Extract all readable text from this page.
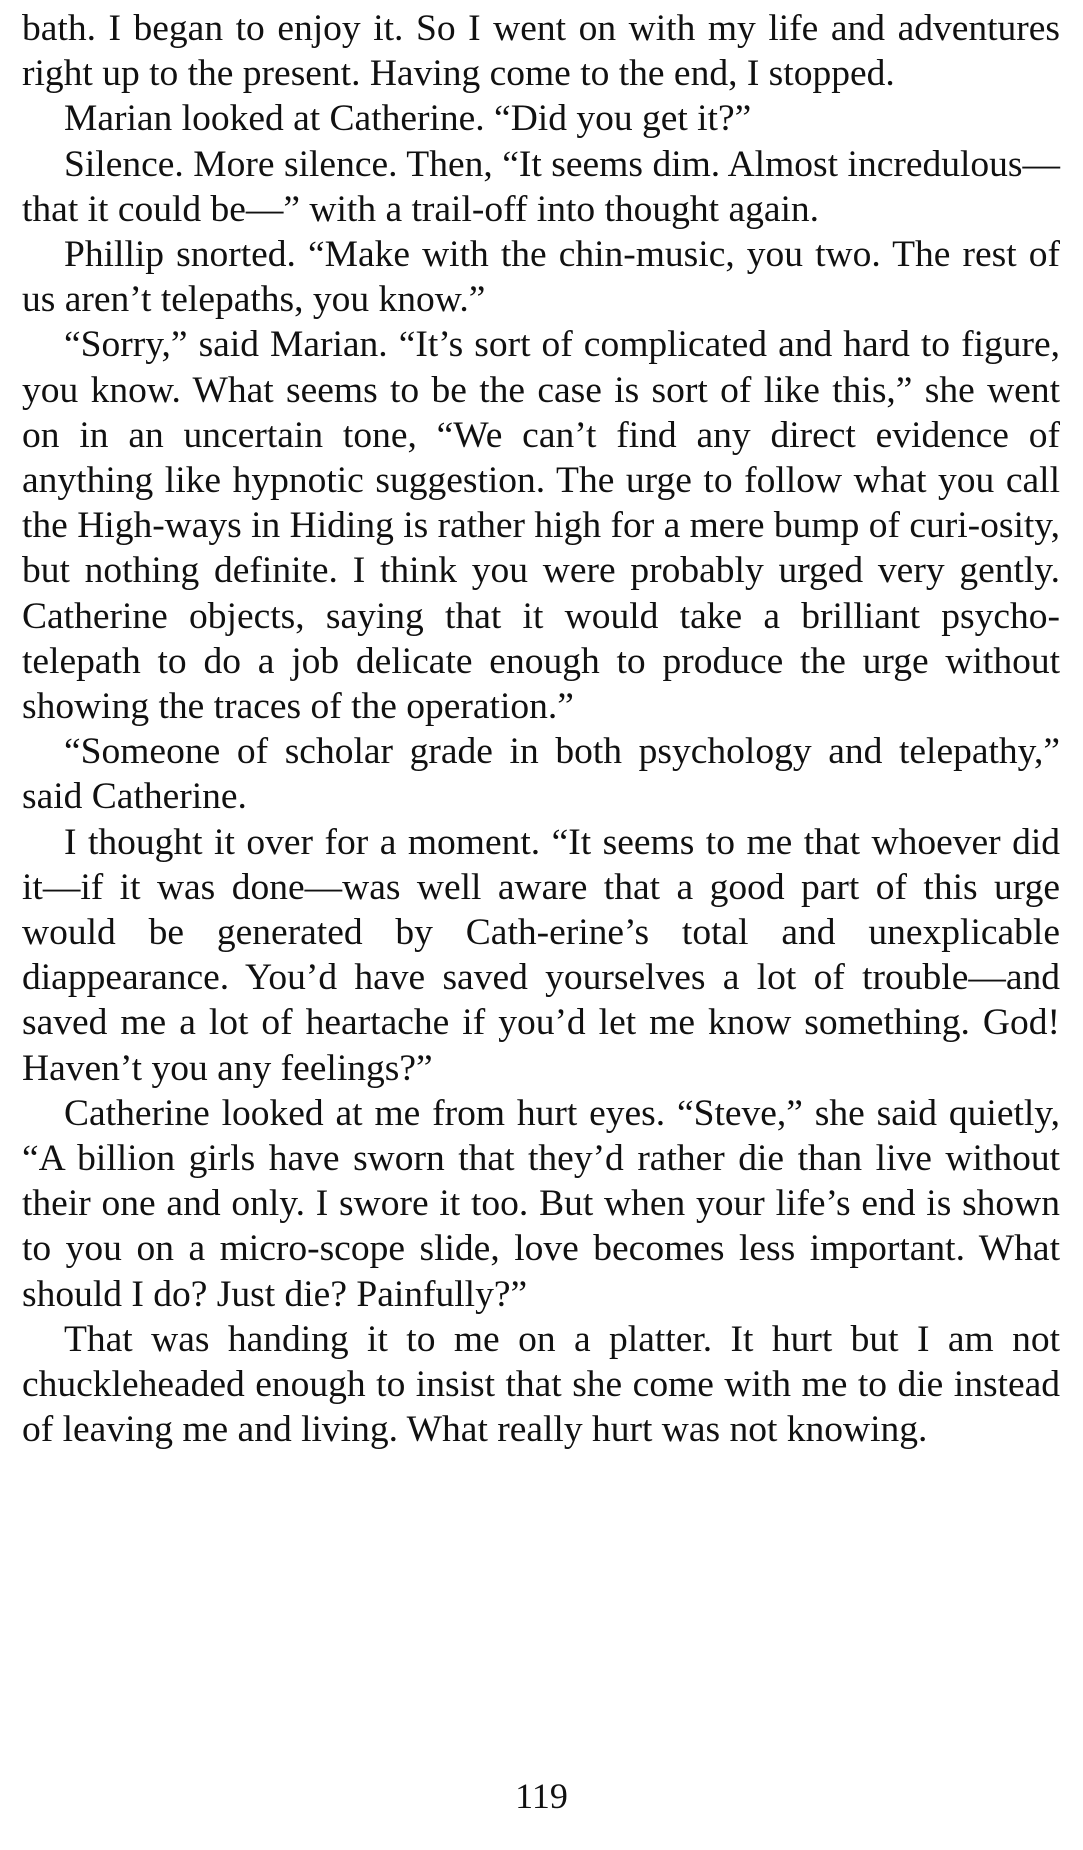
bath. I began to enjoy it. So I went on with my life and adventures right up to the present. Having come to the end, I stopped.

Marian looked at Catherine. “Did you get it?”

Silence. More silence. Then, “It seems dim. Almost incredulous—that it could be—” with a trail-off into thought again.

Phillip snorted. “Make with the chin-music, you two. The rest of us aren’t telepaths, you know.”

“Sorry,” said Marian. “It’s sort of complicated and hard to figure, you know. What seems to be the case is sort of like this,” she went on in an uncertain tone, “We can’t find any direct evidence of anything like hypnotic suggestion. The urge to follow what you call the High-ways in Hiding is rather high for a mere bump of curi-osity, but nothing definite. I think you were probably urged very gently. Catherine objects, saying that it would take a brilliant psycho-telepath to do a job delicate enough to produce the urge without showing the traces of the operation.”

“Someone of scholar grade in both psychology and telepathy,” said Catherine.

I thought it over for a moment. “It seems to me that whoever did it—if it was done—was well aware that a good part of this urge would be generated by Cath-erine’s total and unexplicable diappearance. You’d have saved yourselves a lot of trouble—and saved me a lot of heartache if you’d let me know something. God! Haven’t you any feelings?”

Catherine looked at me from hurt eyes. “Steve,” she said quietly, “A billion girls have sworn that they’d rather die than live without their one and only. I swore it too. But when your life’s end is shown to you on a micro-scope slide, love becomes less important. What should I do? Just die? Painfully?”

That was handing it to me on a platter. It hurt but I am not chuckleheaded enough to insist that she come with me to die instead of leaving me and living. What really hurt was not knowing.

119
